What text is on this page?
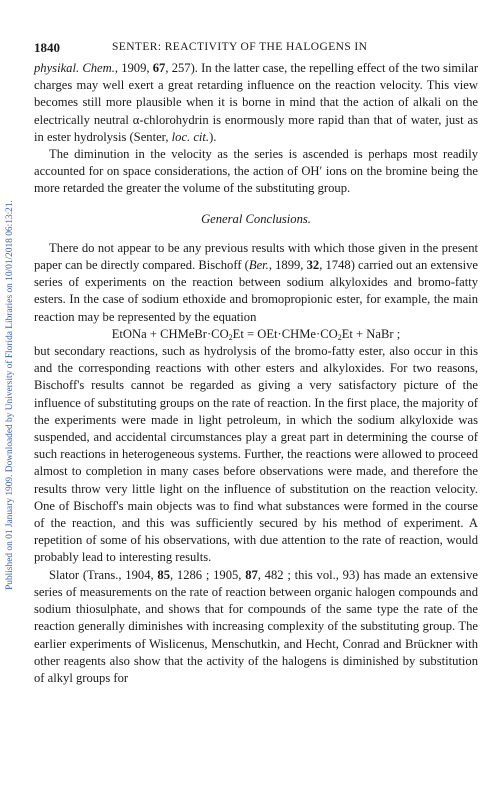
Published on 01 January 1909. Downloaded by University of Florida Libraries on 10/01/2018 06:13:21.
1840	SENTER: REACTIVITY OF THE HALOGENS IN

physikal. Chem., 1909, 67, 257). In the latter case, the repelling effect of the two similar charges may well exert a great retarding influence on the reaction velocity. This view becomes still more plausible when it is borne in mind that the action of alkali on the electrically neutral α-chlorohydrin is enormously more rapid than that of water, just as in ester hydrolysis (Senter, loc. cit.).

The diminution in the velocity as the series is ascended is perhaps most readily accounted for on space considerations, the action of OH′ ions on the bromine being the more retarded the greater the volume of the substituting group.

General Conclusions.

There do not appear to be any previous results with which those given in the present paper can be directly compared. Bischoff (Ber., 1899, 32, 1748) carried out an extensive series of experiments on the reaction between sodium alkyloxides and bromo-fatty esters. In the case of sodium ethoxide and bromopropionic ester, for example, the main reaction may be represented by the equation

EtONa + $CHMeBr\cdot CO_2Et$ = $OEt\cdot CHMe\cdot CO_2Et$ + NaBr ;

but secondary reactions, such as hydrolysis of the bromo-fatty ester, also occur in this and the corresponding reactions with other esters and alkyloxides. For two reasons, Bischoff's results cannot be regarded as giving a very satisfactory picture of the influence of substituting groups on the rate of reaction. In the first place, the majority of the experiments were made in light petroleum, in which the sodium alkyloxide was suspended, and accidental circumstances play a great part in determining the course of such reactions in heterogeneous systems. Further, the reactions were allowed to proceed almost to completion in many cases before observations were made, and therefore the results throw very little light on the influence of substitution on the reaction velocity. One of Bischoff's main objects was to find what substances were formed in the course of the reaction, and this was sufficiently secured by his method of experiment. A repetition of some of his observations, with due attention to the rate of reaction, would probably lead to interesting results.

Slator (Trans., 1904, 85, 1286 ; 1905, 87, 482 ; this vol., 93) has made an extensive series of measurements on the rate of reaction between organic halogen compounds and sodium thiosulphate, and shows that for compounds of the same type the rate of the reaction generally diminishes with increasing complexity of the substituting group. The earlier experiments of Wislicenus, Menschutkin, and Hecht, Conrad and Brückner with other reagents also show that the activity of the halogens is diminished by substitution of alkyl groups for
